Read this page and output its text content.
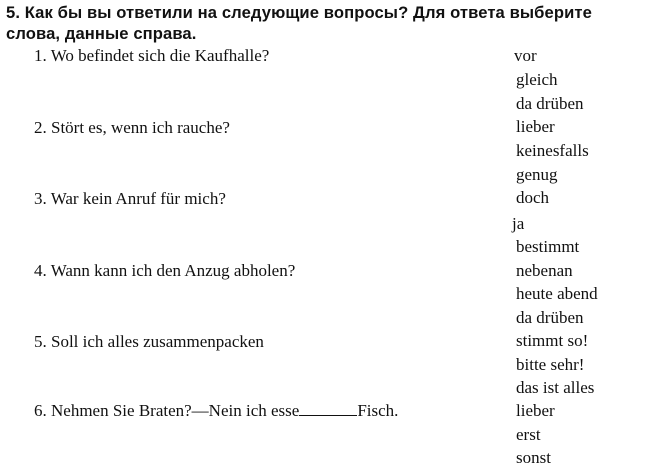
5. Как бы вы ответили на следующие вопросы? Для ответа выберите
слова, данные справа.
1. Wo befindet sich die Kaufhalle?
2. Stört es, wenn ich rauche?
3. War kein Anruf für mich?
4. Wann kann ich den Anzug abholen?
5. Soll ich alles zusammenpacken
6. Nehmen Sie Braten?—Nein ich esse	Fisch.
vor
gleich
da drüben
lieber
keinesfalls
genug
doch
ja
bestimmt
nebenan
heute abend
da drüben
stimmt so!
bitte sehr!
das ist alles
lieber
erst
sonst
